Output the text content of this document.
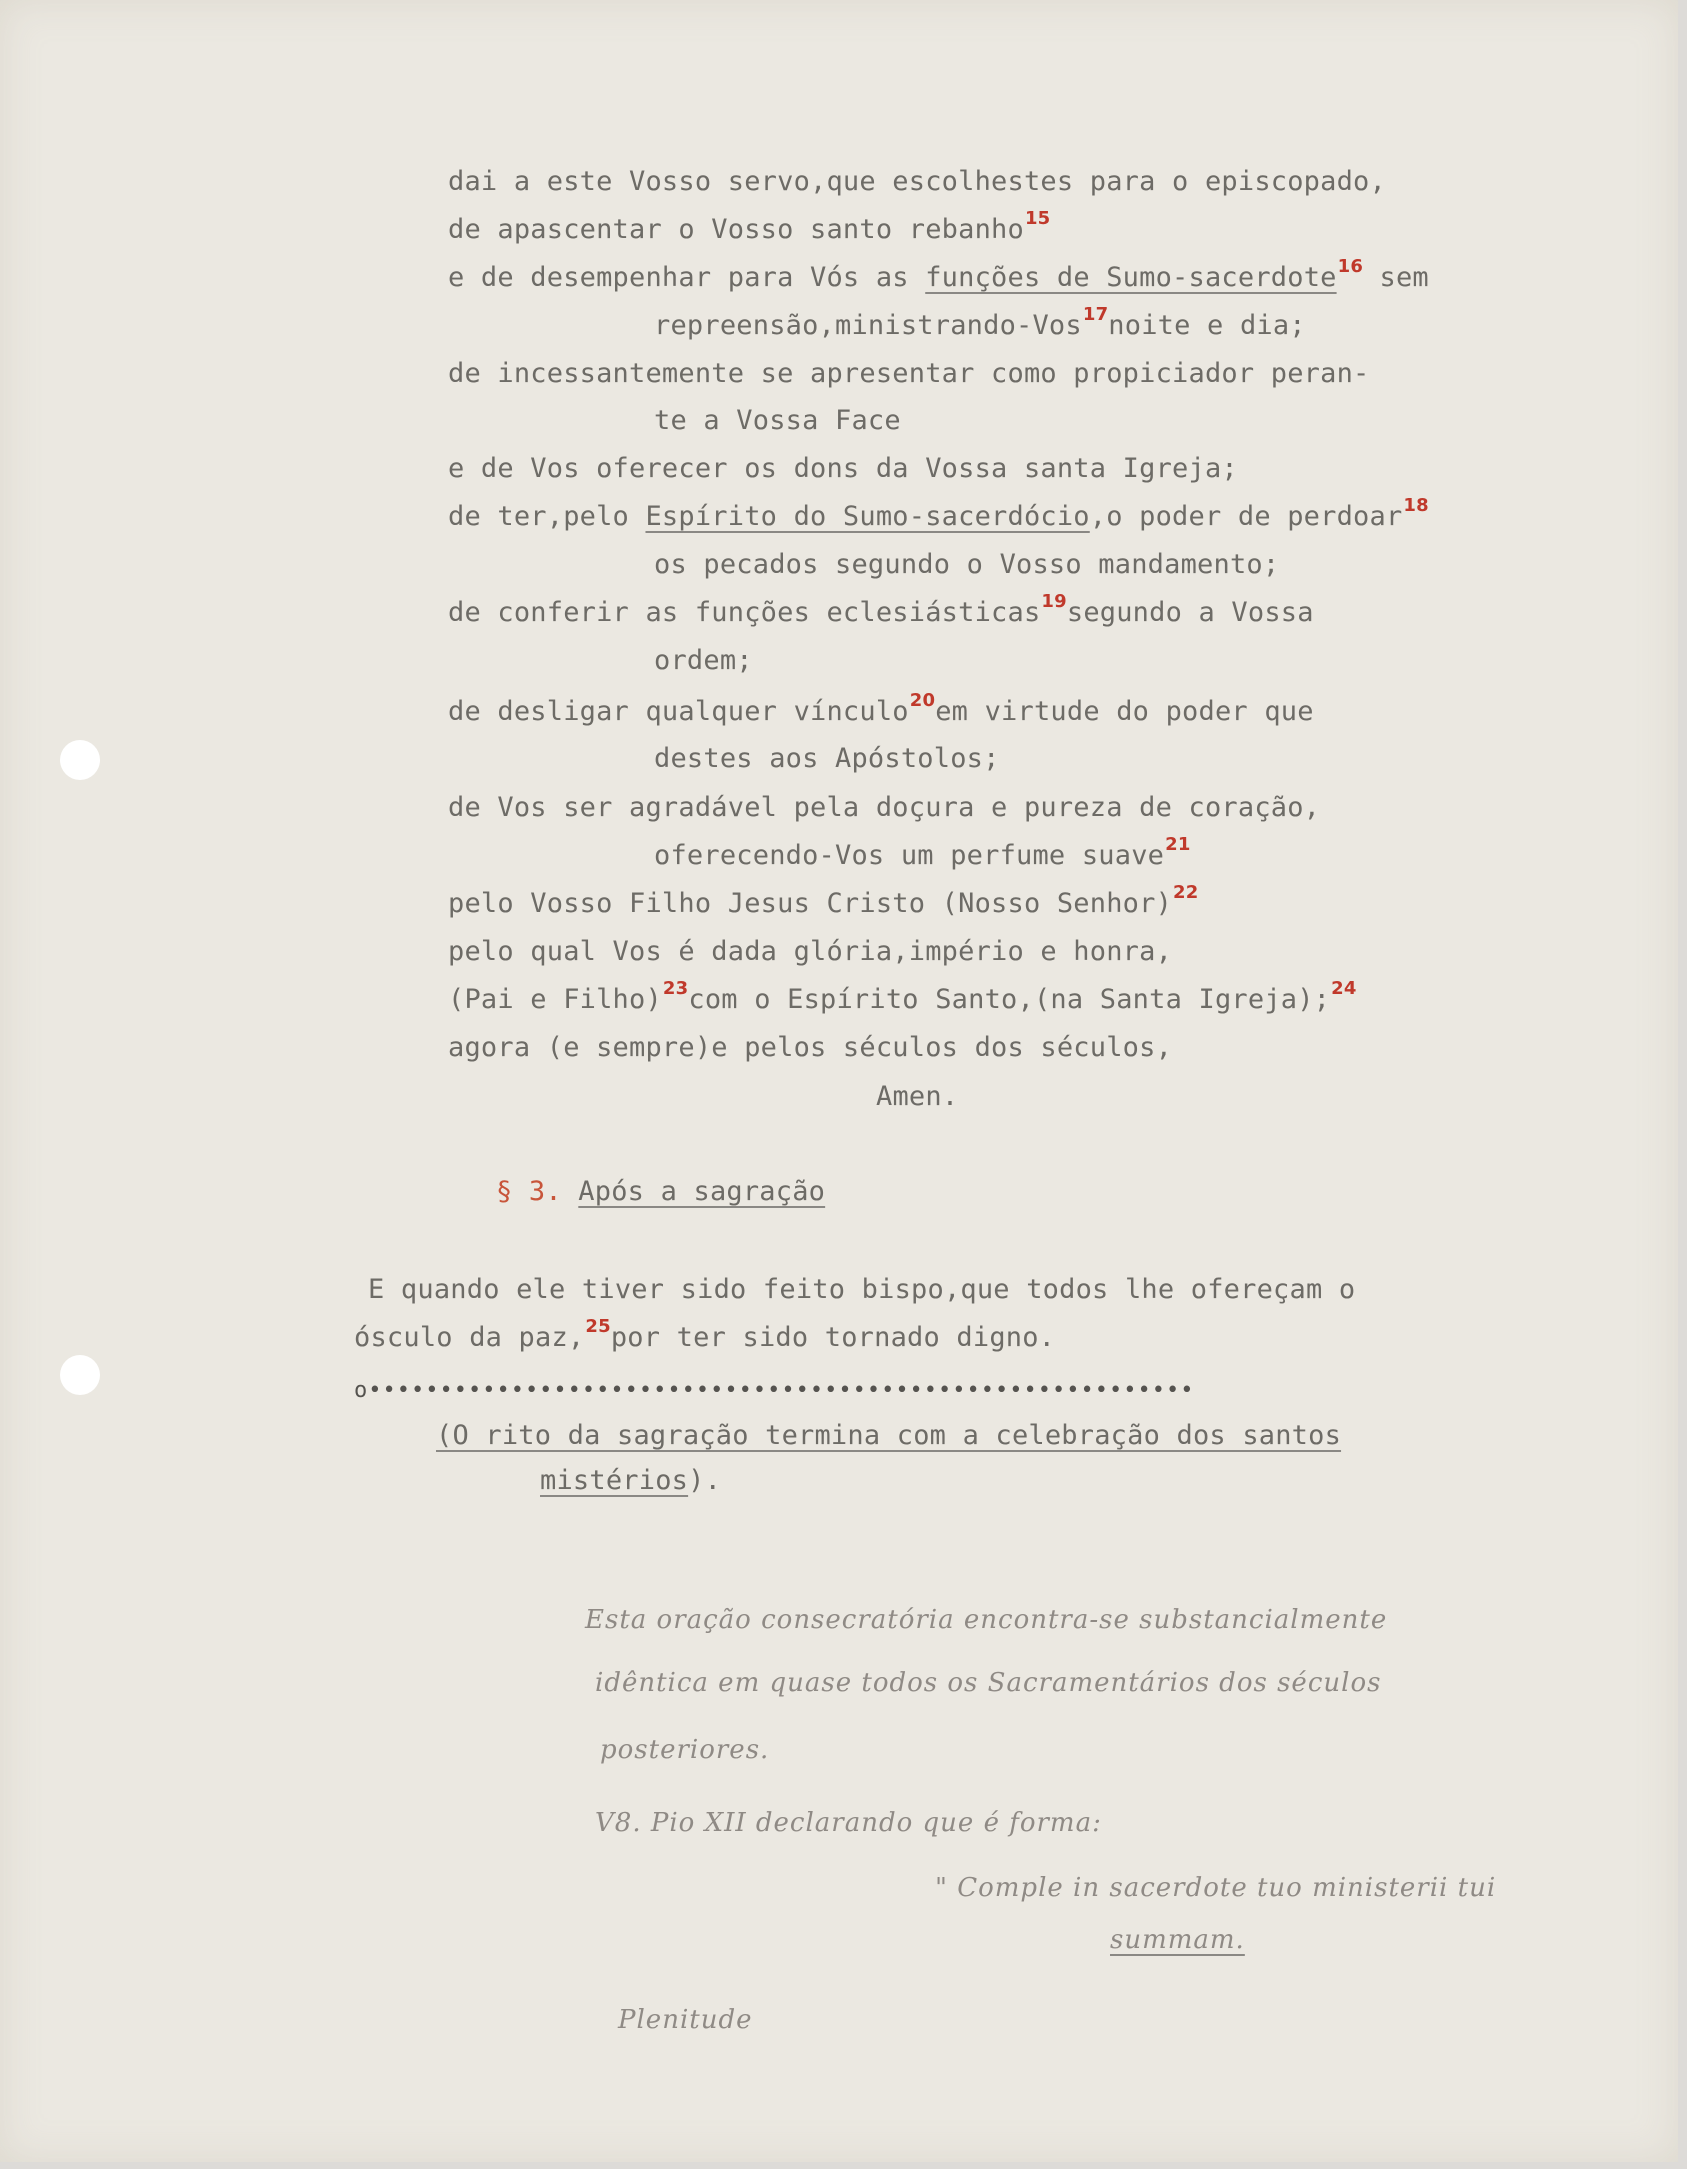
dai a este Vosso servo,que escolhestes para o episcopado,
de apascentar o Vosso santo rebanho$^{15}$
e de desempenhar para Vós as funções de Sumo-sacerdote$^{16}$ sem
repreensão,ministrando-Vos$^{17}$noite e dia;
de incessantemente se apresentar como propiciador peran-
te a Vossa Face
e de Vos oferecer os dons da Vossa santa Igreja;
de ter,pelo Espírito do Sumo-sacerdócio,o poder de perdoar$^{18}$
os pecados segundo o Vosso mandamento;
de conferir as funções eclesiásticas$^{19}$segundo a Vossa
ordem;
de desligar qualquer vínculo$^{20}$em virtude do poder que
destes aos Apóstolos;
de Vos ser agradável pela doçura e pureza de coração,
oferecendo-Vos um perfume suave$^{21}$
pelo Vosso Filho Jesus Cristo (Nosso Senhor)$^{22}$
pelo qual Vos é dada glória,império e honra,
(Pai e Filho)$^{23}$com o Espírito Santo,(na Santa Igreja);$^{24}$
agora (e sempre)e pelos séculos dos séculos,
Amen.
§ 3. Após a sagração
E quando ele tiver sido feito bispo,que todos lhe ofereçam o
ósculo da paz,$^{25}$por ter sido tornado digno.
o••••••••••••••••••••••••••••••••••••••••••••••••••••••••••
(O rito da sagração termina com a celebração dos santos
mistérios).
Esta oração consecratória encontra-se substancialmente
idêntica em quase todos os Sacramentários dos séculos
posteriores.
V8. Pio XII declarando que é forma:
" Comple in sacerdote tuo ministerii tui
summam.
Plenitude
